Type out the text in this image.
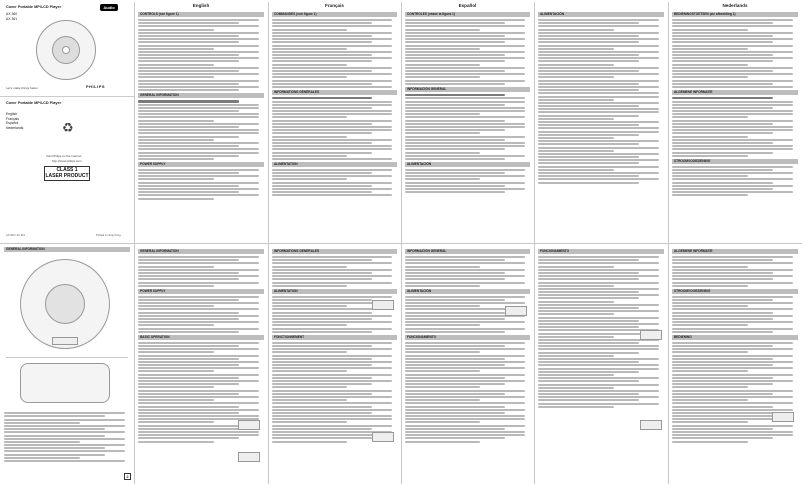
Cover Portable MP3-CD Player
AX 360
AX 361
Audio
PHILIPS
Let's make things better.
Cover Portable MP3-CD Player
English
Français
Español
Nederlands	♻
Visit Philips on the Internet
http://www.philips.com
CLASS 1
LASER PRODUCT
AX 360 / AX 361	Printed in Hong Kong
English
CONTROLS (see figure 1)
GENERAL INFORMATION
POWER SUPPLY
Français
COMMANDES (voir figure 1)
INFORMATIONS GÉNÉRALES
ALIMENTATION
Español
CONTROLES (véase la figura 1)
INFORMACIÓN GENERAL
ALIMENTACIÓN
ALIMENTACIÓN
Nederlands
BEDIENINGSTOETSEN (zie afbeelding 1)
ALGEMENE INFORMATIE
STROOMVOORZIENING
GENERAL INFORMATION
2
GENERAL INFORMATION
POWER SUPPLY
BASIC OPERATION
INFORMATIONS GÉNÉRALES
ALIMENTATION
FONCTIONNEMENT
INFORMACIÓN GENERAL
ALIMENTACIÓN
FUNCIONAMIENTO
FUNCIONAMIENTO	ALGEMENE INFORMATIE
STROOMVOORZIENING
BEDIENING
